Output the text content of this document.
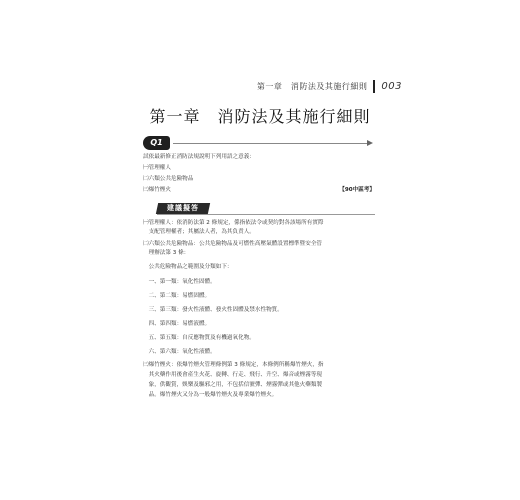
第一章　消防法及其施行細則 003
第一章　消防法及其施行細則
Q1
試依最新修正消防法規說明下列用語之意義：
㈠管理權人
㈡六類公共危險物品
㈢爆竹煙火	【90中區考】
建議擬答
㈠管理權人：依消防法第 2 條規定，係指依法令或契約對各該場所有實際
　支配管理權者；其屬法人者，為其負責人。
㈡六類公共危險物品：公共危險物品及可燃性高壓氣體設置標準暨安全管
　理辦法第 3 條：
　公共危險物品之範圍及分類如下：
　一、第一類：氧化性固體。
　二、第二類：易燃固體。
　三、第三類：發火性液體、發火性固體及禁水性物質。
　四、第四類：易燃液體。
　五、第五類：自反應物質及有機過氧化物。
　六、第六類：氧化性液體。
㈢爆竹煙火：依爆竹煙火管理條例第 3 條規定，本條例所稱爆竹煙火，指
　其火藥作用後會產生火花、旋轉、行走、飛行、升空、爆音或煙霧等現
　象，供觀賞，娛樂及驅邪之用，不包括信號彈、煙霧彈或其他火藥類製
　品。爆竹煙火又分為一般爆竹煙火及專業爆竹煙火。
